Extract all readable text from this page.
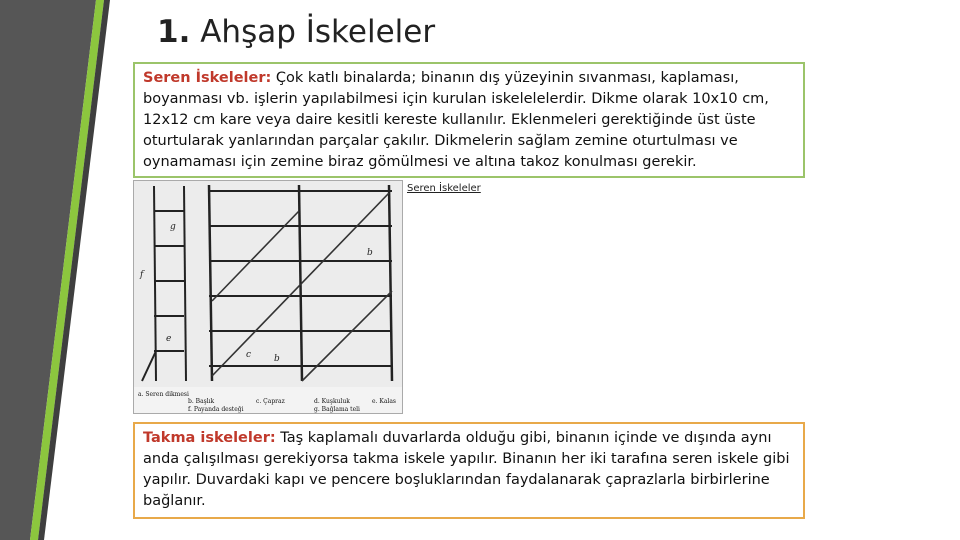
1. Ahşap İskeleler
Seren İskeleler: Çok katlı binalarda; binanın dış yüzeyinin sıvanması, kaplaması, boyanması vb. işlerin yapılabilmesi için kurulan iskelelelerdir. Dikme olarak 10x10 cm, 12x12 cm kare veya daire kesitli kereste kullanılır. Eklenmeleri gerektiğinde üst üste oturtularak yanlarından parçalar çakılır. Dikmelerin sağlam zemine oturtulması ve oynamaması için zemine biraz gömülmesi ve altına takoz konulması gerekir.
g
e
f
b
c
b
a. Seren dikmesi
b. Başlık	c. Çapraz	d. Kuşkuluk	e. Kalas
f. Payanda desteği	g. Bağlama teli
Seren İskeleler
Takma iskeleler: Taş kaplamalı duvarlarda olduğu gibi, binanın içinde ve dışında aynı anda çalışılması gerekiyorsa takma iskele yapılır. Binanın her iki tarafına seren iskele gibi yapılır. Duvardaki kapı ve pencere boşluklarından faydalanarak çaprazlarla birbirlerine bağlanır.
